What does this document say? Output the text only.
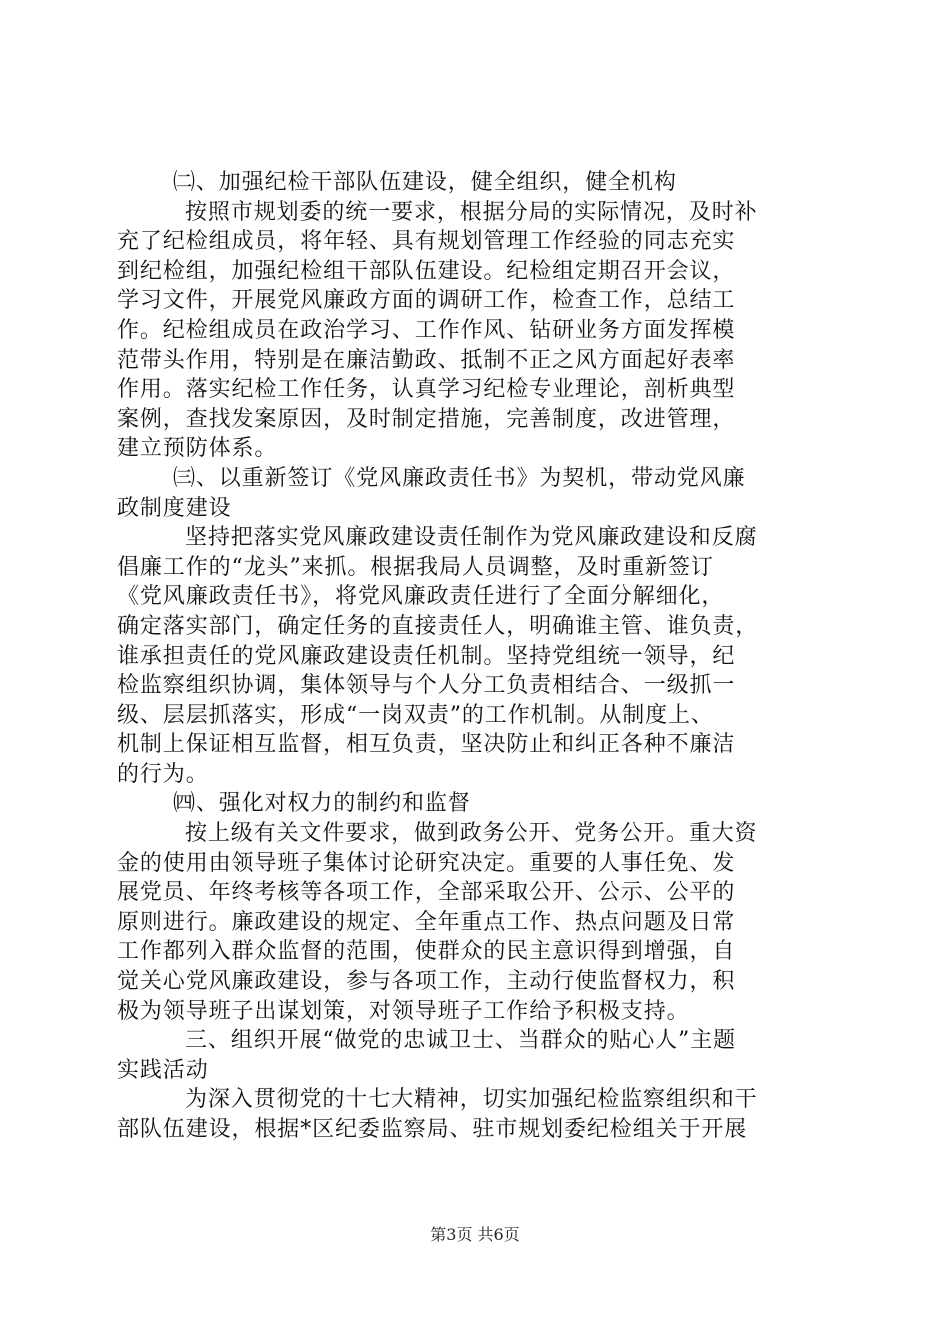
㈡、加强纪检干部队伍建设，健全组织，健全机构
按照市规划委的统一要求，根据分局的实际情况，及时补
充了纪检组成员，将年轻、具有规划管理工作经验的同志充实
到纪检组，加强纪检组干部队伍建设。纪检组定期召开会议，
学习文件，开展党风廉政方面的调研工作，检查工作，总结工
作。纪检组成员在政治学习、工作作风、钻研业务方面发挥模
范带头作用，特别是在廉洁勤政、抵制不正之风方面起好表率
作用。落实纪检工作任务，认真学习纪检专业理论，剖析典型
案例，查找发案原因，及时制定措施，完善制度，改进管理，
建立预防体系。
㈢、以重新签订《党风廉政责任书》为契机，带动党风廉
政制度建设
坚持把落实党风廉政建设责任制作为党风廉政建设和反腐
倡廉工作的“龙头”来抓。根据我局人员调整，及时重新签订
《党风廉政责任书》，将党风廉政责任进行了全面分解细化，
确定落实部门，确定任务的直接责任人，明确谁主管、谁负责，
谁承担责任的党风廉政建设责任机制。坚持党组统一领导，纪
检监察组织协调，集体领导与个人分工负责相结合、一级抓一
级、层层抓落实，形成“一岗双责”的工作机制。从制度上、
机制上保证相互监督，相互负责，坚决防止和纠正各种不廉洁
的行为。
㈣、强化对权力的制约和监督
按上级有关文件要求，做到政务公开、党务公开。重大资
金的使用由领导班子集体讨论研究决定。重要的人事任免、发
展党员、年终考核等各项工作，全部采取公开、公示、公平的
原则进行。廉政建设的规定、全年重点工作、热点问题及日常
工作都列入群众监督的范围，使群众的民主意识得到增强，自
觉关心党风廉政建设，参与各项工作，主动行使监督权力，积
极为领导班子出谋划策，对领导班子工作给予积极支持。
三、组织开展“做党的忠诚卫士、当群众的贴心人”主题
实践活动
为深入贯彻党的十七大精神，切实加强纪检监察组织和干
部队伍建设，根据*区纪委监察局、驻市规划委纪检组关于开展
第3页 共6页
